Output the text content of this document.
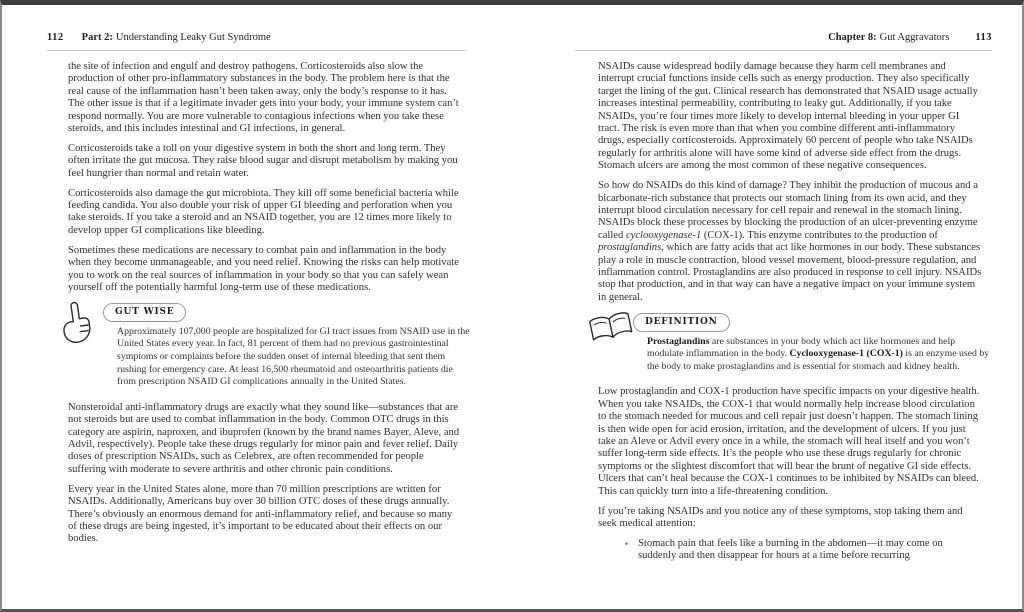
112 Part 2: Understanding Leaky Gut Syndrome

the site of infection and engulf and destroy pathogens. Corticosteroids also slow the production of other pro-inflammatory substances in the body. The problem here is that the real cause of the inflammation hasn’t been taken away, only the body’s response to it has. The other issue is that if a legitimate invader gets into your body, your immune system can’t respond normally. You are more vulnerable to contagious infections when you take these steroids, and this includes intestinal and GI infections, in general.

Corticosteroids take a toll on your digestive system in both the short and long term. They often irritate the gut mucosa. They raise blood sugar and disrupt metabolism by making you feel hungrier than normal and retain water.

Corticosteroids also damage the gut microbiota. They kill off some beneficial bacteria while feeding candida. You also double your risk of upper GI bleeding and perforation when you take steroids. If you take a steroid and an NSAID together, you are 12 times more likely to develop upper GI complications like bleeding.

Sometimes these medications are necessary to combat pain and inflammation in the body when they become unmanageable, and you need relief. Knowing the risks can help motivate you to work on the real sources of inflammation in your body so that you can safely wean yourself off the potentially harmful long-term use of these medications.

GUT WISE
Approximately 107,000 people are hospitalized for GI tract issues from NSAID use in the United States every year. In fact, 81 percent of them had no previous gastrointestinal symptoms or complaints before the sudden onset of internal bleeding that sent them rushing for emergency care. At least 16,500 rheumatoid and osteoarthritis patients die from prescription NSAID GI complications annually in the United States.

Nonsteroidal anti-inflammatory drugs are exactly what they sound like—substances that are not steroids but are used to combat inflammation in the body. Common OTC drugs in this category are aspirin, naproxen, and ibuprofen (known by the brand names Bayer, Aleve, and Advil, respectively). People take these drugs regularly for minor pain and fever relief. Daily doses of prescription NSAIDs, such as Celebrex, are often recommended for people suffering with moderate to severe arthritis and other chronic pain conditions.

Every year in the United States alone, more than 70 million prescriptions are written for NSAIDs. Additionally, Americans buy over 30 billion OTC doses of these drugs annually. There’s obviously an enormous demand for anti-inflammatory relief, and because so many of these drugs are being ingested, it’s important to be educated about their effects on our bodies.

Chapter 8: Gut Aggravators 113

NSAIDs cause widespread bodily damage because they harm cell membranes and interrupt crucial functions inside cells such as energy production. They also specifically target the lining of the gut. Clinical research has demonstrated that NSAID usage actually increases intestinal permeability, contributing to leaky gut. Additionally, if you take NSAIDs, you’re four times more likely to develop internal bleeding in your upper GI tract. The risk is even more than that when you combine different anti-inflammatory drugs, especially corticosteroids. Approximately 60 percent of people who take NSAIDs regularly for arthritis alone will have some kind of adverse side effect from the drugs. Stomach ulcers are among the most common of these negative consequences.

So how do NSAIDs do this kind of damage? They inhibit the production of mucous and a bicarbonate-rich substance that protects our stomach lining from its own acid, and they interrupt blood circulation necessary for cell repair and renewal in the stomach lining. NSAIDs block these processes by blocking the production of an ulcer-preventing enzyme called cyclooxygenase-1 (COX-1). This enzyme contributes to the production of prostaglandins, which are fatty acids that act like hormones in our body. These substances play a role in muscle contraction, blood vessel movement, blood-pressure regulation, and inflammation control. Prostaglandins are also produced in response to cell injury. NSAIDs stop that production, and in that way can have a negative impact on your immune system in general.

DEFINITION
Prostaglandins are substances in your body which act like hormones and help modulate inflammation in the body. Cyclooxygenase-1 (COX-1) is an enzyme used by the body to make prostaglandins and is essential for stomach and kidney health.

Low prostaglandin and COX-1 production have specific impacts on your digestive health. When you take NSAIDs, the COX-1 that would normally help increase blood circulation to the stomach needed for mucous and cell repair just doesn’t happen. The stomach lining is then wide open for acid erosion, irritation, and the development of ulcers. If you just take an Aleve or Advil every once in a while, the stomach will heal itself and you won’t suffer long-term side effects. It’s the people who use these drugs regularly for chronic symptoms or the slightest discomfort that will bear the brunt of negative GI side effects. Ulcers that can’t heal because the COX-1 continues to be inhibited by NSAIDs can bleed. This can quickly turn into a life-threatening condition.

If you’re taking NSAIDs and you notice any of these symptoms, stop taking them and seek medical attention:

• Stomach pain that feels like a burning in the abdomen—it may come on suddenly and then disappear for hours at a time before recurring
